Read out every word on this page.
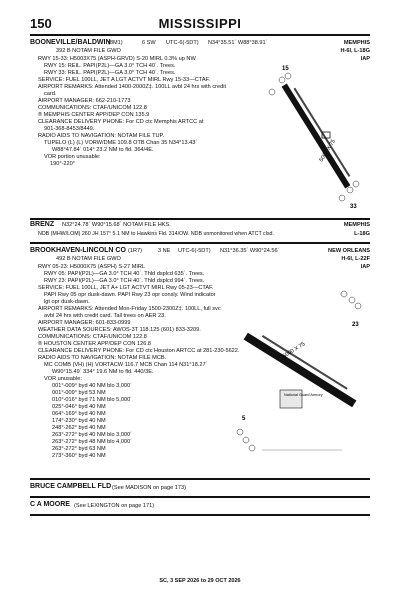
150	MISSISSIPPI
BOONEVILLE/BALDWIN
(8M1)	6 SW UTC-6(-5DT) N34°35.51´ W88°38.91´	MEMPHIS
392 B NOTAM FILE GWO	H-6I, L-18G
IAP
RWY 15-33: H5003X75 (ASPH-GRVD) S-20 MIRL 0.3% up NW
RWY 15: REIL. PAPI(P2L)—GA 3.0° TCH 40´. Trees.
RWY 33: REIL. PAPI(P2L)—GA 3.0° TCH 40´. Trees.
SERVICE: FUEL 100LL, JET A LGT ACTVT MIRL Rwy 15-33—CTAF.
AIRPORT REMARKS: Attended 1400-2000Z‡. 100LL avbl 24 hrs with credit
card.
AIRPORT MANAGER: 662-210-1773
COMMUNICATIONS: CTAF/UNICOM 122.8
® MEMPHIS CENTER APP/DEP CON 135.9
CLEARANCE DELIVERY PHONE: For CD ctc Memphis ARTCC at
901-368-8453/8449.
RADIO AIDS TO NAVIGATION: NOTAM FILE TUP.
TUPELO (L) (L) VORW/DME 109.8 OTB Chan 35 N34°13.43´
W88°47.84´ 014° 23.2 NM to fld. 364/4E.
VOR portion unusable:
190°-220°
5003 X 75
15
33
BRENZ N32°24.78´ W90°15.68´ NOTAM FILE HKS.	MEMPHIS
NDB (MHW/LOM) 260 JH 157° 5.1 NM to Hawkins Fld. 314/OW. NDB unmonitored when ATCT clsd.	L-18G
BROOKHAVEN-LINCOLN CO (1R7)	3 NE UTC-6(-5DT) N31°36.35´ W90°24.56´	NEW ORLEANS
492 B NOTAM FILE GWO	H-6I, L-22F
IAP
RWY 05-23: H5000X75 (ASPH) S-27 MIRL
RWY 05: PAPI(P2L)—GA 3.0° TCH 40´. Thld dsplcd 635´. Trees.
RWY 23: PAPI(P2L)—GA 3.0° TCH 40´. Thld dsplcd 994´. Trees.
SERVICE: FUEL 100LL, JET A+ LGT ACTVT MIRL Rwy 05-23—CTAF.
PAPI Rwy 05 opr dusk-dawn. PAPI Rwy 23 opr consly. Wind indicator
lgt opr dusk-dawn.
AIRPORT REMARKS: Attended Mon-Friday 1500-2300Z‡. 100LL, full svc
avbl 24 hrs with credit card. Tall trees on AER 23.
AIRPORT MANAGER: 601-833-0999
WEATHER DATA SOURCES: AWOS-3T 118.125 (601) 833-3209.
COMMUNICATIONS: CTAF/UNICOM 122.8
® HOUSTON CENTER APP/DEP CON 126.8
CLEARANCE DELIVERY PHONE: For CD ctc Houston ARTCC at 281-230-5622.
RADIO AIDS TO NAVIGATION: NOTAM FILE MCB.
MC COMB (VH) (H) VORTACW 116.7 MCB Chan 114 N31°18.27´
W90°15.49´ 334° 19.6 NM to fld. 440/3E.
VOR unusable:
001°-009° byd 40 NM blo 3,000´
001°-009° byd 53 NM
010°-016° byd 71 NM blo 5,000´
025°-046° byd 40 NM
064°-169° byd 40 NM
174°-230° byd 40 NM
248°-262° byd 40 NM
263°-272° byd 40 NM blo 3,000´
263°-272° byd 48 NM blo 4,000´
263°-272° byd 63 NM
273°-360° byd 40 NM
National Guard Armory
5000 X 75
5
23
BRUCE CAMPBELL FLD (See MADISON on page 173)
C A MOORE (See LEXINGTON on page 171)
SC, 3 SEP 2026 to 29 OCT 2026
